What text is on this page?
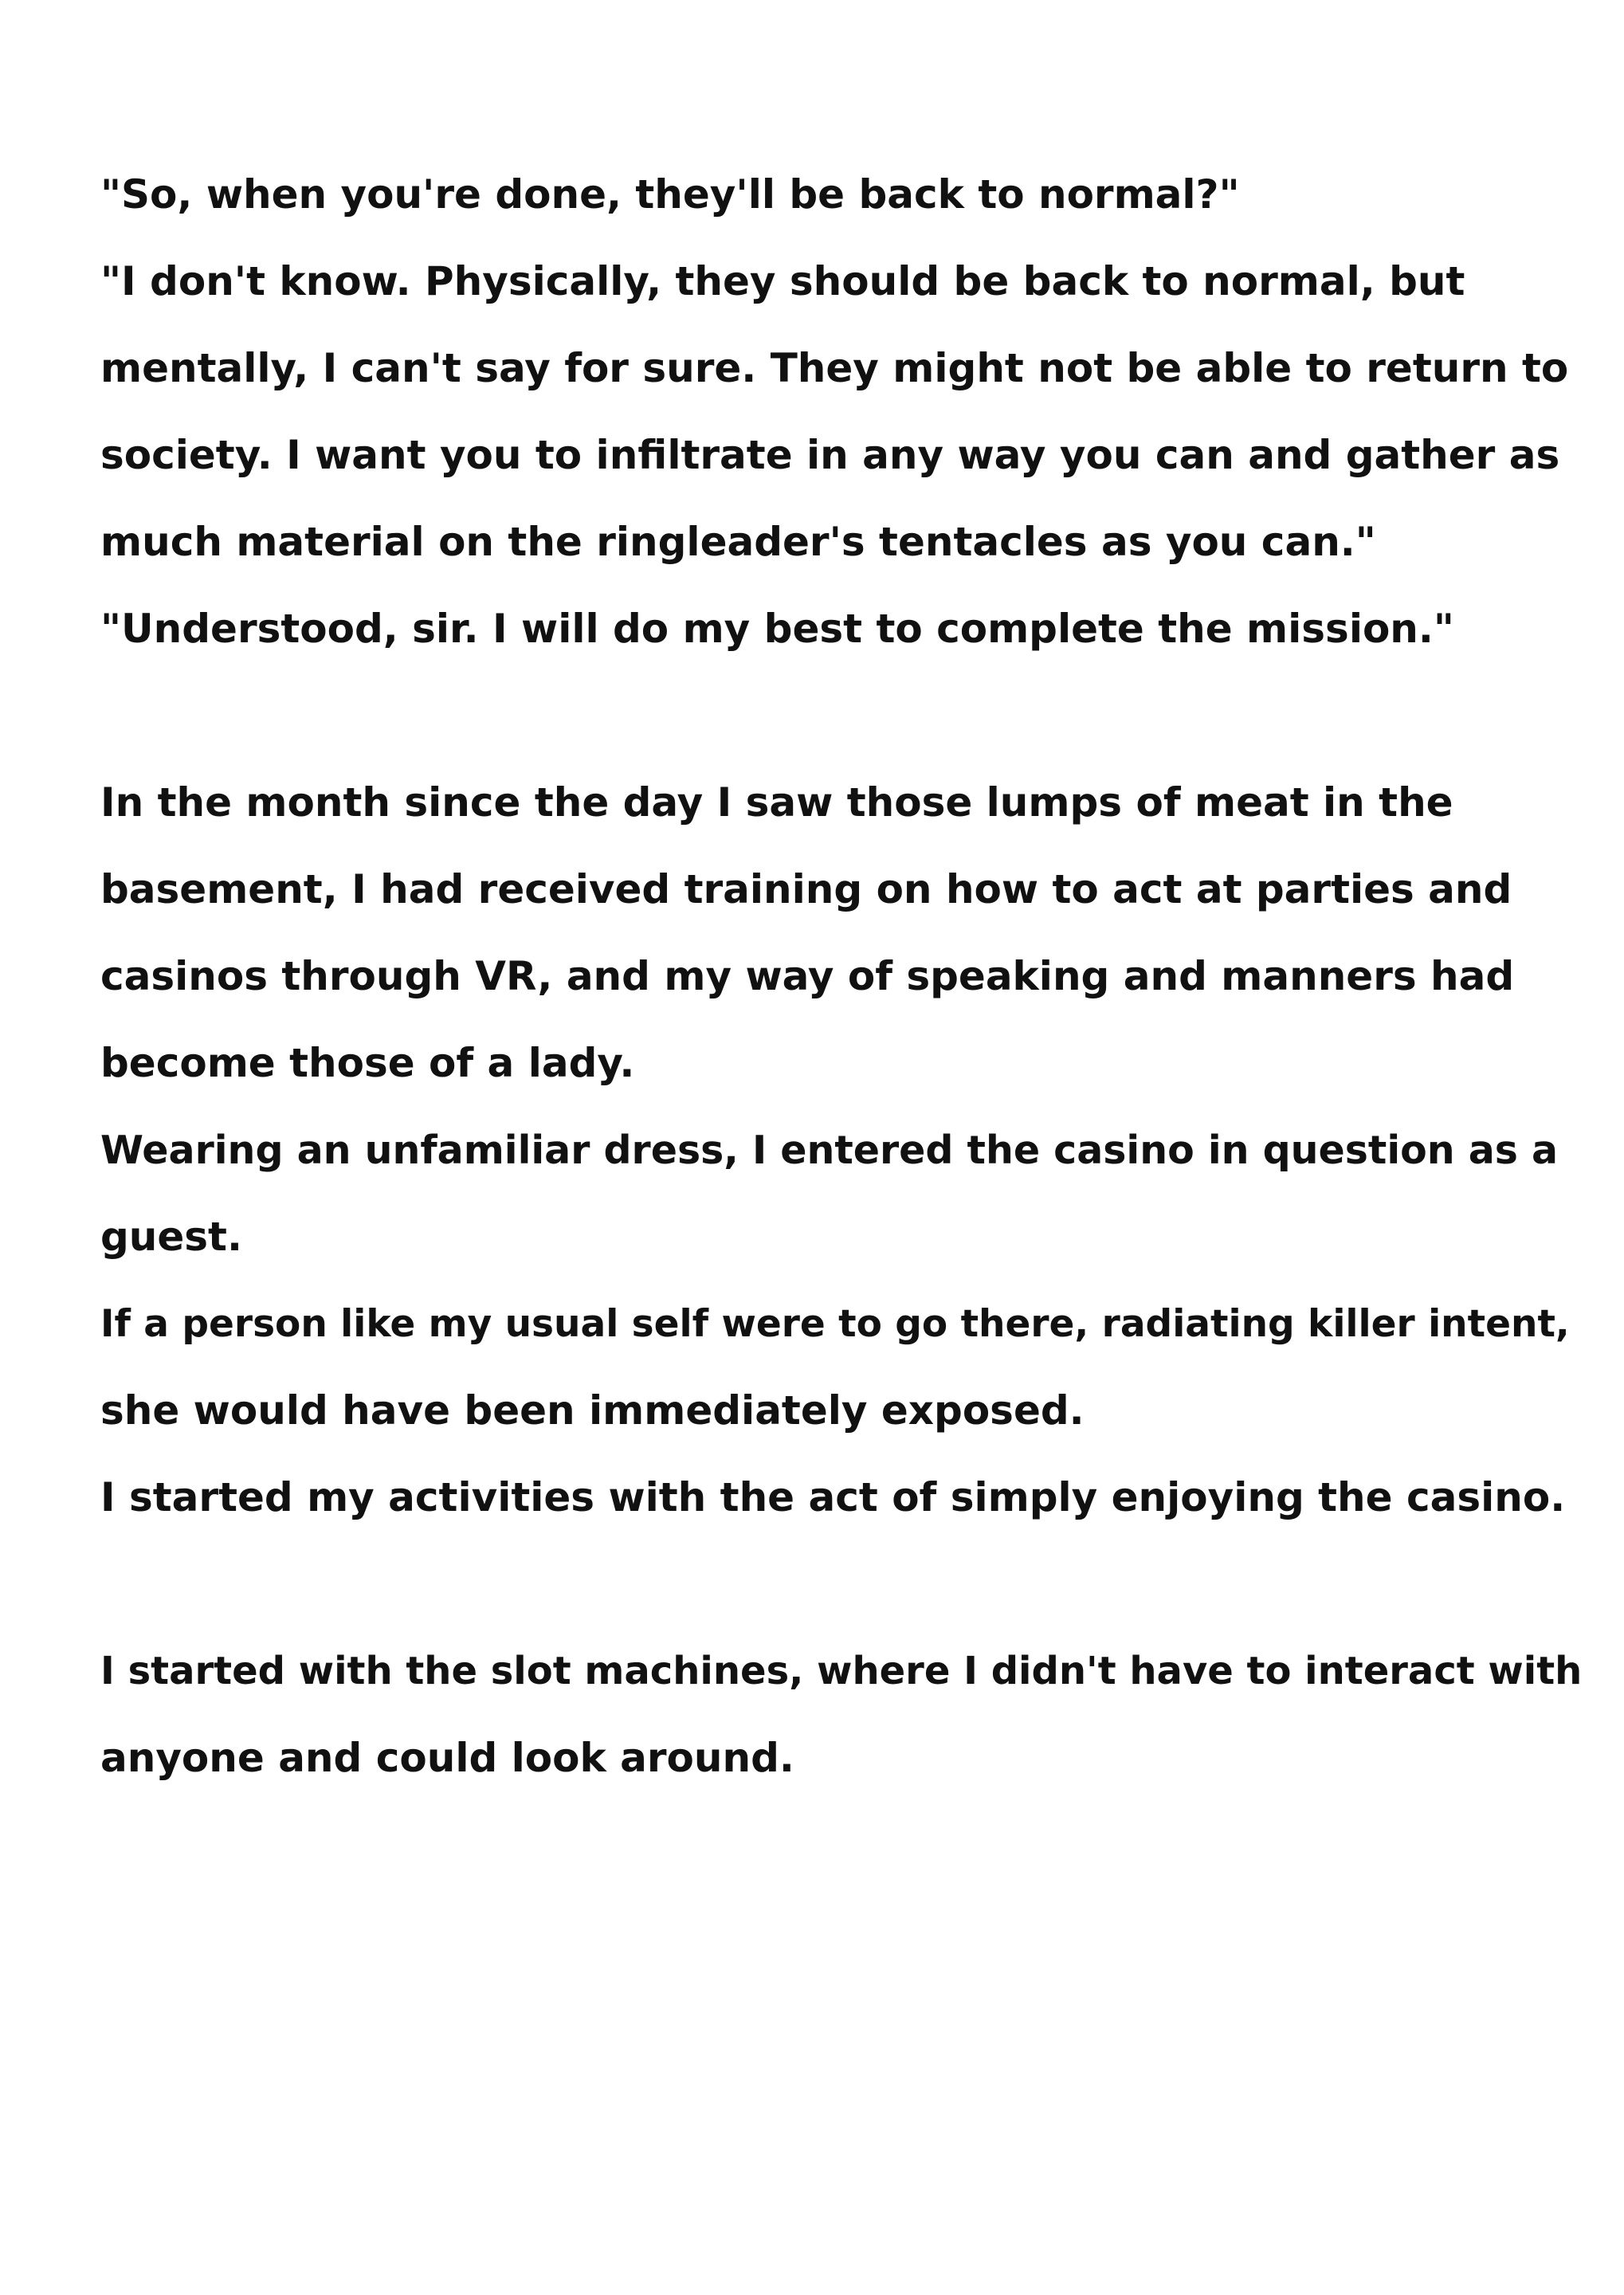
"So, when you're done, they'll be back to normal?"
"I don't know. Physically, they should be back to normal, but
mentally, I can't say for sure. They might not be able to return to
society. I want you to infiltrate in any way you can and gather as
much material on the ringleader's tentacles as you can."
"Understood, sir. I will do my best to complete the mission."
In the month since the day I saw those lumps of meat in the
basement, I had received training on how to act at parties and
casinos through VR, and my way of speaking and manners had
become those of a lady.
Wearing an unfamiliar dress, I entered the casino in question as a
guest.
If a person like my usual self were to go there, radiating killer intent,
she would have been immediately exposed.
I started my activities with the act of simply enjoying the casino.
I started with the slot machines, where I didn't have to interact with
anyone and could look around.
